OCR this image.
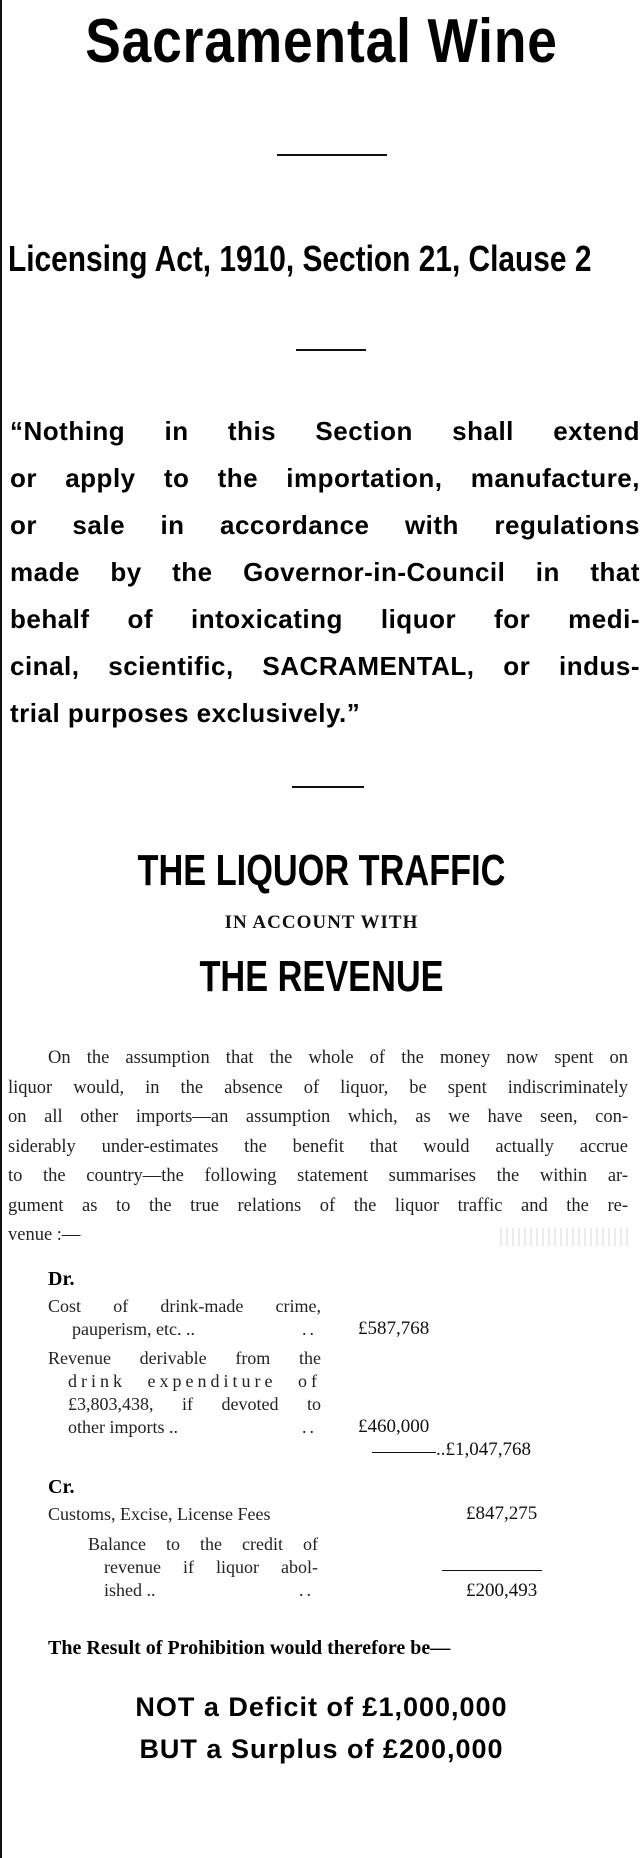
Sacramental Wine
Licensing Act, 1910, Section 21, Clause 2
“Nothing in this Section shall extend
or apply to the importation, manufacture,
or sale in accordance with regulations
made by the Governor-in-Council in that
behalf of intoxicating liquor for medi-
cinal, scientific, SACRAMENTAL, or indus-
trial purposes exclusively.”
THE LIQUOR TRAFFIC
IN ACCOUNT WITH
THE REVENUE
On the assumption that the whole of the money now spent on
liquor would, in the absence of liquor, be spent indiscriminately
on all other imports—an assumption which, as we have seen, con-
siderably under-estimates the benefit that would actually accrue
to the country—the following statement summarises the within ar-
gument as to the true relations of the liquor traffic and the re-
venue :—
Dr.
Cost of drink-made crime,
pauperism, etc. ..	.. £587,768
Revenue derivable from the
drink expenditure of
£3,803,438, if devoted to
other imports ..	.. £460,000
..£1,047,768
Cr.
Customs, Excise, License Fees	£847,275
Balance to the credit of
revenue if liquor abol-
ished ..	..	£200,493
The Result of Prohibition would therefore be—
NOT a Deficit of £1,000,000
BUT a Surplus of £200,000
